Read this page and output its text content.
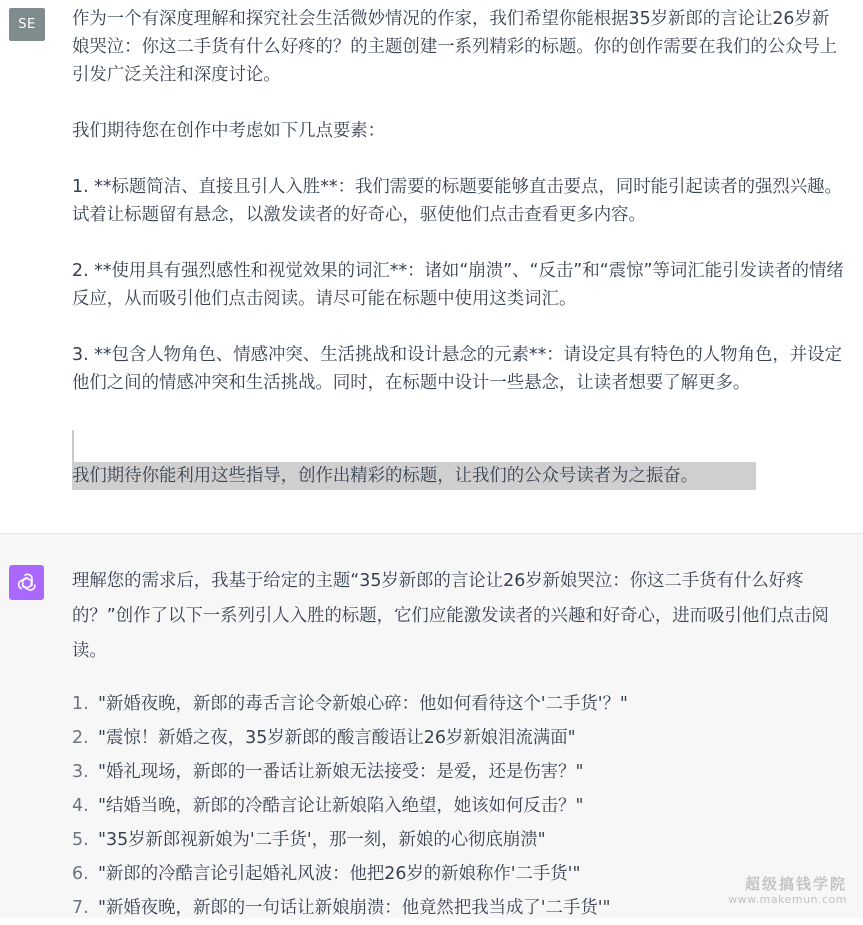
SE 作为一个有深度理解和探究社会生活微妙情况的作家，我们希望你能根据35岁新郎的言论让26岁新娘哭泣：你这二手货有什么好疼的？的主题创建一系列精彩的标题。你的创作需要在我们的公众号上引发广泛关注和深度讨论。

我们期待您在创作中考虑如下几点要素：

1. **标题简洁、直接且引人入胜**：我们需要的标题要能够直击要点，同时能引起读者的强烈兴趣。试着让标题留有悬念，以激发读者的好奇心，驱使他们点击查看更多内容。

2. **使用具有强烈感性和视觉效果的词汇**：诸如“崩溃”、“反击”和“震惊”等词汇能引发读者的情绪反应，从而吸引他们点击阅读。请尽可能在标题中使用这类词汇。

3. **包含人物角色、情感冲突、生活挑战和设计悬念的元素**：请设定具有特色的人物角色，并设定他们之间的情感冲突和生活挑战。同时，在标题中设计一些悬念，让读者想要了解更多。

我们期待你能利用这些指导，创作出精彩的标题，让我们的公众号读者为之振奋。
理解您的需求后，我基于给定的主题“35岁新郎的言论让26岁新娘哭泣：你这二手货有什么好疼的？”创作了以下一系列引人入胜的标题，它们应能激发读者的兴趣和好奇心，进而吸引他们点击阅读。
1. "新婚夜晚，新郎的毒舌言论令新娘心碎：他如何看待这个'二手货'？"
2. "震惊！新婚之夜，35岁新郎的酸言酸语让26岁新娘泪流满面"
3. "婚礼现场，新郎的一番话让新娘无法接受：是爱，还是伤害？"
4. "结婚当晚，新郎的冷酷言论让新娘陷入绝望，她该如何反击？"
5. "35岁新郎视新娘为'二手货'，那一刻，新娘的心彻底崩溃"
6. "新郎的冷酷言论引起婚礼风波：他把26岁的新娘称作'二手货'"
7. "新婚夜晚，新郎的一句话让新娘崩溃：他竟然把我当成了'二手货'"
超级搞钱学院
www.makemun.com
